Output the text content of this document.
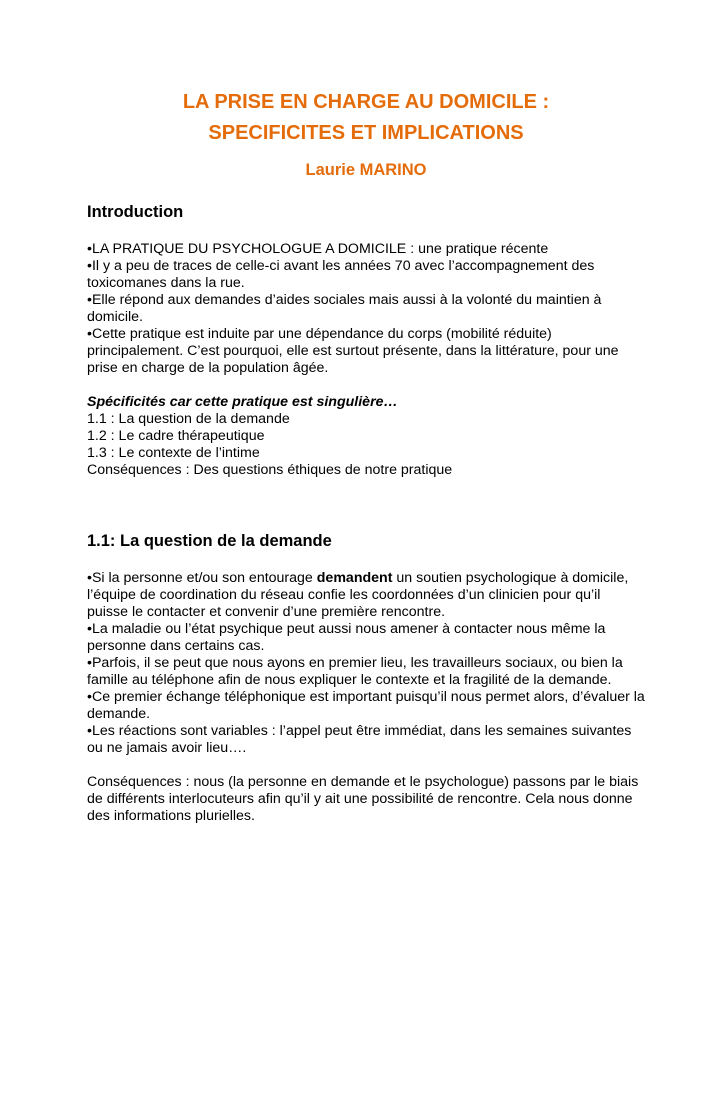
LA PRISE EN CHARGE AU DOMICILE :
SPECIFICITES ET IMPLICATIONS

Laurie MARINO

Introduction

•LA PRATIQUE DU PSYCHOLOGUE A DOMICILE : une pratique récente

•Il y a peu de traces de celle-ci avant les années 70 avec l’accompagnement des toxicomanes dans la rue.

•Elle répond aux demandes d’aides sociales mais aussi à la volonté du maintien à domicile.

•Cette pratique est induite par une dépendance du corps (mobilité réduite) principalement. C’est pourquoi, elle est surtout présente, dans la littérature, pour une prise en charge de la population âgée.

Spécificités car cette pratique est singulière…

1.1 : La question de la demande

1.2 : Le cadre thérapeutique

1.3 : Le contexte de l’intime

Conséquences : Des questions éthiques de notre pratique

1.1: La question de la demande

•Si la personne et/ou son entourage demandent un soutien psychologique à domicile, l’équipe de coordination du réseau confie les coordonnées d’un clinicien pour qu’il puisse le contacter et convenir d’une première rencontre.

•La maladie ou l’état psychique peut aussi nous amener à contacter nous même la personne dans certains cas.

•Parfois, il se peut que nous ayons en premier lieu, les travailleurs sociaux, ou bien la famille au téléphone afin de nous expliquer le contexte et la fragilité de la demande.

•Ce premier échange téléphonique est important puisqu’il nous permet alors, d’évaluer la demande.

•Les réactions sont variables : l’appel peut être immédiat, dans les semaines suivantes ou ne jamais avoir lieu….

Conséquences : nous (la personne en demande et le psychologue) passons par le biais de différents interlocuteurs afin qu’il y ait une possibilité de rencontre. Cela nous donne des informations plurielles.
